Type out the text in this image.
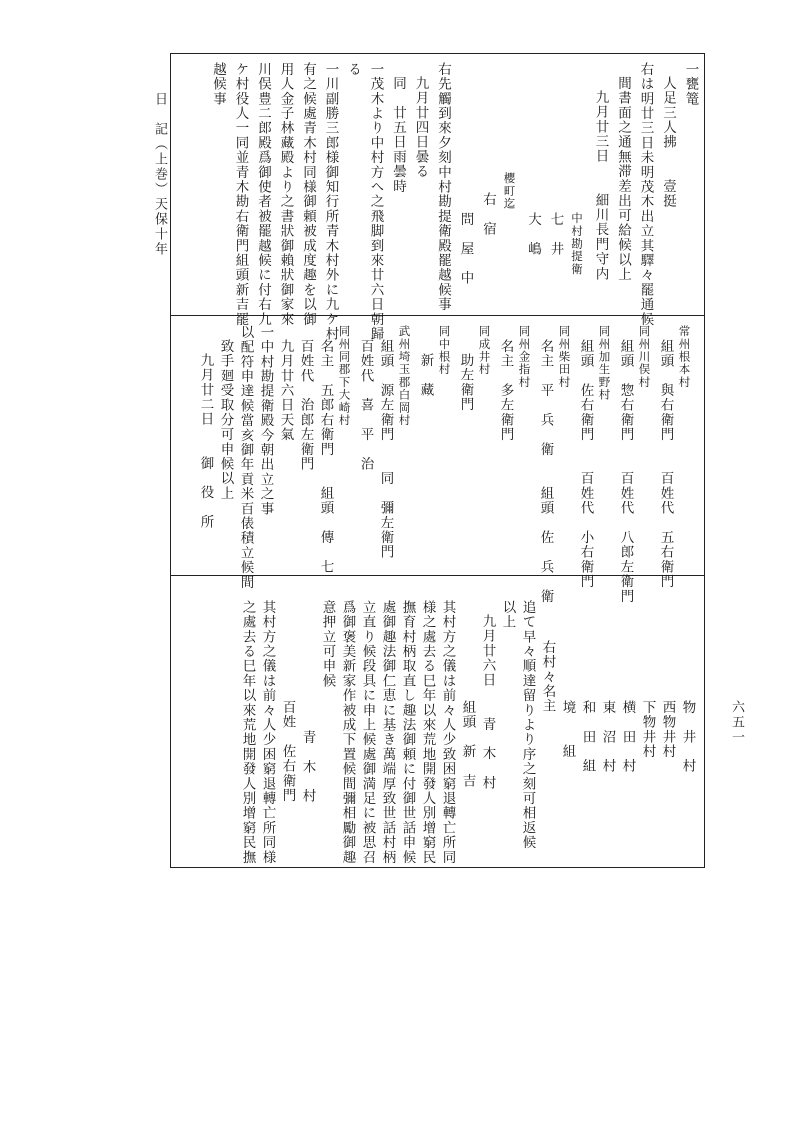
日　記（上巻）天保十年
六五一
一甕篭
人足三人拂　　壹挺
右は明廿三日未明茂木出立其驛々罷通候
間書面之通無滞差出可給候以上
九月廿三日　　細川長門守内
中村勘提衛
七　井
大　嶋
櫻町迄
右　宿
問　屋　中
右先觸到來夕刻中村勘提衛殿罷越候事
九月廿四日曇る
同　廿五日雨曇時
一茂木より中村方へ之飛脚到來廿六日朝歸
る
一川副勝三郎様御知行所青木村外に九ケ村
有之候處青木村同様御頼被成度趣を以御
用人金子林藏殿より之書狀御賴狀御家來
川俣豊二郎殿爲御使者被罷越候に付右九
ケ村役人一同並青木勘右衛門組頭新吉罷
越候事
常州根本村
組頭　與右衛門　　百姓代　五右衛門
同州川俣村
組頭　惣右衛門　　百姓代　八郎左衛門
同州加生野村
組頭　佐右衛門　　百姓代　小右衛門
同州柴田村
名主　平　兵　衛　　組頭　佐　兵　衛
同州金指村
名主　多左衛門
同成井村
助左衛門
同中根村
新　藏
武州埼玉郡白岡村
組頭　源左衛門　　同　彌左衛門
百姓代　喜　平　治
同州同郡下大崎村
名主　五郎右衛門　　組頭　傳　七
百姓代　治郎左衛門
九月廿六日天氣
一中村勘提衛殿今朝出立之事
以配符申達候當亥御年貢米百俵積立候間
致手廻受取分可申候以上
九月廿二日　　御　役　所
物　井　村
西物井村
下物井村
横　田　村
東　沼　村
和　田　組
境　　組
右村々名主
追て早々順達留りより序之刻可相返候
以上
九月廿六日　　青　木　村
組頭　新　吉
其村方之儀は前々人少致困窮退轉亡所同
様之處去る巳年以來荒地開發人別增窮民
撫育村柄取直し趣法御頼に付御世話申候
處御趣法御仁恵に基き萬端厚致世話村柄
立直り候段具に申上候處御満足に被思召
爲御褒美新家作被成下置候間彌相勵御趣
意押立可申候
青　木　村
百姓　佐右衛門
其村方之儀は前々人少困窮退轉亡所同様
之處去る巳年以來荒地開發人別增窮民撫
